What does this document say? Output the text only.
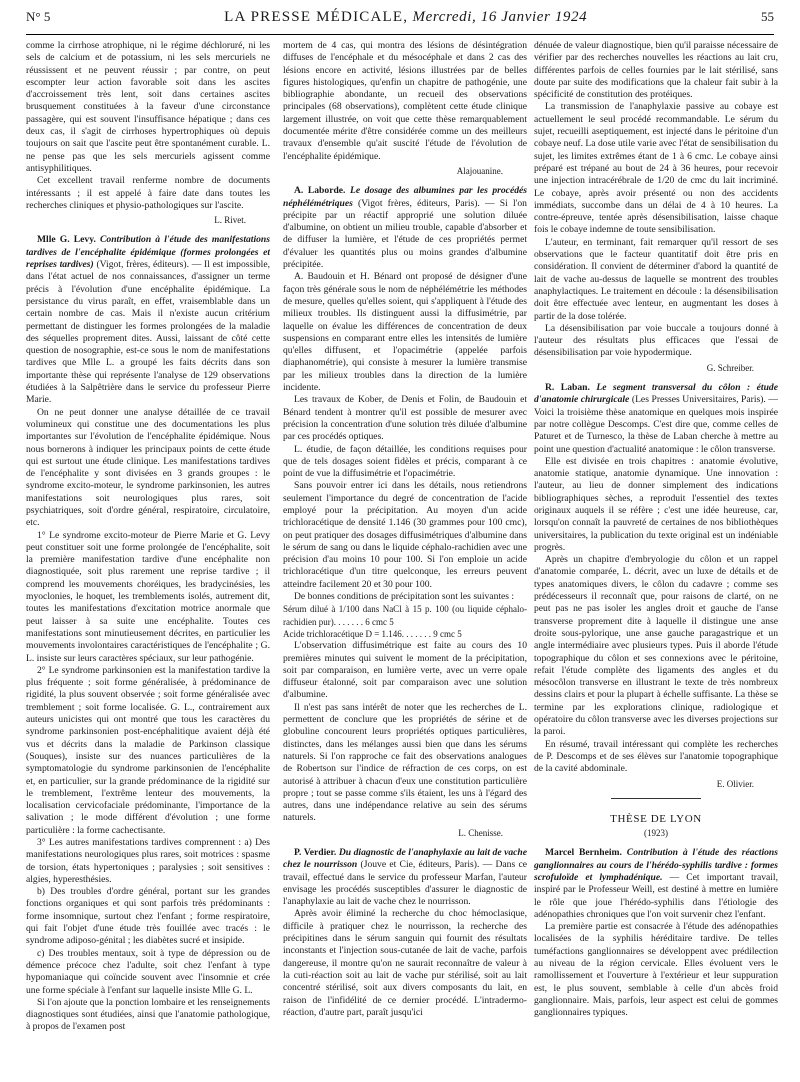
N° 5	LA PRESSE MÉDICALE, Mercredi, 16 Janvier 1924	55

comme la cirrhose atrophique, ni le régime déchloruré, ni les sels de calcium et de potassium, ni les sels mercuriels ne réussissent et ne peuvent réussir ; par contre, on peut escompter leur action favorable soit dans les ascites d'accroissement très lent, soit dans certaines ascites brusquement constituées à la faveur d'une circonstance passagère, qui est souvent l'insuffisance hépatique ; dans ces deux cas, il s'agit de cirrhoses hypertrophiques où depuis toujours on sait que l'ascite peut être spontanément curable. L. ne pense pas que les sels mercuriels agissent comme antisyphilitiques.

Cet excellent travail renferme nombre de documents intéressants ; il est appelé à faire date dans toutes les recherches cliniques et physio-pathologiques sur l'ascite.

L. Rivet.

Mlle G. Levy. Contribution à l'étude des manifestations tardives de l'encéphalite épidémique (formes prolongées et reprises tardives) (Vigot, frères, éditeurs). — Il est impossible, dans l'état actuel de nos connaissances, d'assigner un terme précis à l'évolution d'une encéphalite épidémique. La persistance du virus paraît, en effet, vraisemblable dans un certain nombre de cas. Mais il n'existe aucun critérium permettant de distinguer les formes prolongées de la maladie des séquelles proprement dites. Aussi, laissant de côté cette question de nosographie, est-ce sous le nom de manifestations tardives que Mlle L. a groupé les faits décrits dans son importante thèse qui représente l'analyse de 129 observations étudiées à la Salpêtrière dans le service du professeur Pierre Marie.

On ne peut donner une analyse détaillée de ce travail volumineux qui constitue une des documentations les plus importantes sur l'évolution de l'encéphalite épidémique. Nous nous bornerons à indiquer les principaux points de cette étude qui est surtout une étude clinique. Les manifestations tardives de l'encéphalite y sont divisées en 3 grands groupes : le syndrome excito-moteur, le syndrome parkinsonien, les autres manifestations soit neurologiques plus rares, soit psychiatriques, soit d'ordre général, respiratoire, circulatoire, etc.

1° Le syndrome excito-moteur de Pierre Marie et G. Levy peut constituer soit une forme prolongée de l'encéphalite, soit la première manifestation tardive d'une encéphalite non diagnostiquée, soit plus rarement une reprise tardive ; il comprend les mouvements choréiques, les bradycinésies, les myoclonies, le hoquet, les tremblements isolés, autrement dit, toutes les manifestations d'excitation motrice anormale que peut laisser à sa suite une encéphalite. Toutes ces manifestations sont minutieusement décrites, en particulier les mouvements involontaires caractéristiques de l'encéphalite ; G. L. insiste sur leurs caractères spéciaux, sur leur pathogénie.

2° Le syndrome parkinsonien est la manifestation tardive la plus fréquente ; soit forme généralisée, à prédominance de rigidité, la plus souvent observée ; soit forme généralisée avec tremblement ; soit forme localisée. G. L., contrairement aux auteurs unicistes qui ont montré que tous les caractères du syndrome parkinsonien post-encéphalitique avaient déjà été vus et décrits dans la maladie de Parkinson classique (Souques), insiste sur des nuances particulières de la symptomatologie du syndrome parkinsonien de l'encéphalite et, en particulier, sur la grande prédominance de la rigidité sur le tremblement, l'extrême lenteur des mouvements, la localisation cervicofaciale prédominante, l'importance de la salivation ; le mode différent d'évolution ; une forme particulière : la forme cachectisante.

3° Les autres manifestations tardives comprennent : a) Des manifestations neurologiques plus rares, soit motrices : spasme de torsion, états hypertoniques ; paralysies ; soit sensitives : algies, hyperesthésies.

b) Des troubles d'ordre général, portant sur les grandes fonctions organiques et qui sont parfois très prédominants : forme insomnique, surtout chez l'enfant ; forme respiratoire, qui fait l'objet d'une étude très fouillée avec tracés : le syndrome adiposo-génital ; les diabètes sucré et insipide.

c) Des troubles mentaux, soit à type de dépression ou de démence précoce chez l'adulte, soit chez l'enfant à type hypomaniaque qui coïncide souvent avec l'insomnie et crée une forme spéciale à l'enfant sur laquelle insiste Mlle G. L.

Si l'on ajoute que la ponction lombaire et les renseignements diagnostiques sont étudiées, ainsi que l'anatomie pathologique, à propos de l'examen post

mortem de 4 cas, qui montra des lésions de désintégration diffuses de l'encéphale et du mésocéphale et dans 2 cas des lésions encore en activité, lésions illustrées par de belles figures histologiques, qu'enfin un chapitre de pathogénie, une bibliographie abondante, un recueil des observations principales (68 observations), complètent cette étude clinique largement illustrée, on voit que cette thèse remarquablement documentée mérite d'être considérée comme un des meilleurs travaux d'ensemble qu'ait suscité l'étude de l'évolution de l'encéphalite épidémique.

Alajouanine.

A. Laborde. Le dosage des albumines par les procédés néphélémétriques (Vigot frères, éditeurs, Paris). — Si l'on précipite par un réactif approprié une solution diluée d'albumine, on obtient un milieu trouble, capable d'absorber et de diffuser la lumière, et l'étude de ces propriétés permet d'évaluer les quantités plus ou moins grandes d'albumine précipitée.

A. Baudouin et H. Bénard ont proposé de désigner d'une façon très générale sous le nom de néphélémétrie les méthodes de mesure, quelles qu'elles soient, qui s'appliquent à l'étude des milieux troubles. Ils distinguent aussi la diffusimétrie, par laquelle on évalue les différences de concentration de deux suspensions en comparant entre elles les intensités de lumière qu'elles diffusent, et l'opacimétrie (appelée parfois diaphanométrie), qui consiste à mesurer la lumière transmise par les milieux troubles dans la direction de la lumière incidente.

Les travaux de Kober, de Denis et Folin, de Baudouin et Bénard tendent à montrer qu'il est possible de mesurer avec précision la concentration d'une solution très diluée d'albumine par ces procédés optiques.

L. étudie, de façon détaillée, les conditions requises pour que de tels dosages soient fidèles et précis, comparant à ce point de vue la diffusimétrie et l'opacimétrie.

Sans pouvoir entrer ici dans les détails, nous retiendrons seulement l'importance du degré de concentration de l'acide employé pour la précipitation. Au moyen d'un acide trichloracétique de densité 1.146 (30 grammes pour 100 cmc), on peut pratiquer des dosages diffusimétriques d'albumine dans le sérum de sang ou dans le liquide céphalo-rachidien avec une précision d'au moins 10 pour 100. Si l'on emploie un acide trichloracétique d'un titre quelconque, les erreurs peuvent atteindre facilement 20 et 30 pour 100.

De bonnes conditions de précipitation sont les suivantes :

Sérum dilué à 1/100 dans NaCl à 15 p. 100 (ou liquide céphalo-rachidien pur). . . . . . . 6 cmc 5

Acide trichloracétique D = 1.146. . . . . . . 9 cmc 5

L'observation diffusimétrique est faite au cours des 10 premières minutes qui suivent le moment de la précipitation, soit par comparaison, en lumière verte, avec un verre opale diffuseur étalonné, soit par comparaison avec une solution d'albumine.

Il n'est pas sans intérêt de noter que les recherches de L. permettent de conclure que les propriétés de sérine et de globuline concourent leurs propriétés optiques particulières, distinctes, dans les mélanges aussi bien que dans les sérums naturels. Si l'on rapproche ce fait des observations analogues de Robertson sur l'indice de réfraction de ces corps, on est autorisé à attribuer à chacun d'eux une constitution particulière propre ; tout se passe comme s'ils étaient, les uns à l'égard des autres, dans une indépendance relative au sein des sérums naturels.

L. Chenisse.

P. Verdier. Du diagnostic de l'anaphylaxie au lait de vache chez le nourrisson (Jouve et Cie, éditeurs, Paris). — Dans ce travail, effectué dans le service du professeur Marfan, l'auteur envisage les procédés susceptibles d'assurer le diagnostic de l'anaphylaxie au lait de vache chez le nourrisson.

Après avoir éliminé la recherche du choc hémoclasique, difficile à pratiquer chez le nourrisson, la recherche des précipitines dans le sérum sanguin qui fournit des résultats inconstants et l'injection sous-cutanée de lait de vache, parfois dangereuse, il montre qu'on ne saurait reconnaître de valeur à la cuti-réaction soit au lait de vache pur stérilisé, soit au lait concentré stérilisé, soit aux divers composants du lait, en raison de l'infidélité de ce dernier procédé. L'intradermo-réaction, d'autre part, paraît jusqu'ici

dénuée de valeur diagnostique, bien qu'il paraisse nécessaire de vérifier par des recherches nouvelles les réactions au lait cru, différentes parfois de celles fournies par le lait stérilisé, sans doute par suite des modifications que la chaleur fait subir à la spécificité de constitution des protéiques.

La transmission de l'anaphylaxie passive au cobaye est actuellement le seul procédé recommandable. Le sérum du sujet, recueilli aseptiquement, est injecté dans le péritoine d'un cobaye neuf. La dose utile varie avec l'état de sensibilisation du sujet, les limites extrêmes étant de 1 à 6 cmc. Le cobaye ainsi préparé est trépané au bout de 24 à 36 heures, pour recevoir une injection intracérébrale de 1/20 de cmc du lait incriminé. Le cobaye, après avoir présenté ou non des accidents immédiats, succombe dans un délai de 4 à 10 heures. La contre-épreuve, tentée après désensibilisation, laisse chaque fois le cobaye indemne de toute sensibilisation.

L'auteur, en terminant, fait remarquer qu'il ressort de ses observations que le facteur quantitatif doit être pris en considération. Il convient de déterminer d'abord la quantité de lait de vache au-dessus de laquelle se montrent des troubles anaphylactiques. Le traitement en découle : la désensibilisation doit être effectuée avec lenteur, en augmentant les doses à partir de la dose tolérée.

La désensibilisation par voie buccale a toujours donné à l'auteur des résultats plus efficaces que l'essai de désensibilisation par voie hypodermique.

G. Schreiber.

R. Laban. Le segment transversal du côlon : étude d'anatomie chirurgicale (Les Presses Universitaires, Paris). — Voici la troisième thèse anatomique en quelques mois inspirée par notre collègue Descomps. C'est dire que, comme celles de Paturet et de Turnesco, la thèse de Laban cherche à mettre au point une question d'actualité anatomique : le côlon transverse.

Elle est divisée en trois chapitres : anatomie évolutive, anatomie statique, anatomie dynamique. Une innovation : l'auteur, au lieu de donner simplement des indications bibliographiques sèches, a reproduit l'essentiel des textes originaux auquels il se réfère ; c'est une idée heureuse, car, lorsqu'on connaît la pauvreté de certaines de nos bibliothèques universitaires, la publication du texte original est un indéniable progrès.

Après un chapitre d'embryologie du côlon et un rappel d'anatomie comparée, L. décrit, avec un luxe de détails et de types anatomiques divers, le côlon du cadavre ; comme ses prédécesseurs il reconnaît que, pour raisons de clarté, on ne peut pas ne pas isoler les angles droit et gauche de l'anse transverse proprement dite à laquelle il distingue une anse droite sous-pylorique, une anse gauche paragastrique et un angle intermédiaire avec plusieurs types. Puis il aborde l'étude topographique du côlon et ses connexions avec le péritoine, refait l'étude complète des ligaments des angles et du mésocôlon transverse en illustrant le texte de très nombreux dessins clairs et pour la plupart à échelle suffisante. La thèse se termine par les explorations clinique, radiologique et opératoire du côlon transverse avec les diverses projections sur la paroi.

En résumé, travail intéressant qui complète les recherches de P. Descomps et de ses élèves sur l'anatomie topographique de la cavité abdominale.

E. Olivier.
THÈSE DE LYON
(1923)

Marcel Bernheim. Contribution à l'étude des réactions ganglionnaires au cours de l'hérédo-syphilis tardive : formes scrofuloïde et lymphadénique. — Cet important travail, inspiré par le Professeur Weill, est destiné à mettre en lumière le rôle que joue l'hérédo-syphilis dans l'étiologie des adénopathies chroniques que l'on voit survenir chez l'enfant.

La première partie est consacrée à l'étude des adénopathies localisées de la syphilis héréditaire tardive. De telles tuméfactions ganglionnaires se développent avec prédilection au niveau de la région cervicale. Elles évoluent vers le ramollissement et l'ouverture à l'extérieur et leur suppuration est, le plus souvent, semblable à celle d'un abcès froid ganglionnaire. Mais, parfois, leur aspect est celui de gommes ganglionnaires typiques.
